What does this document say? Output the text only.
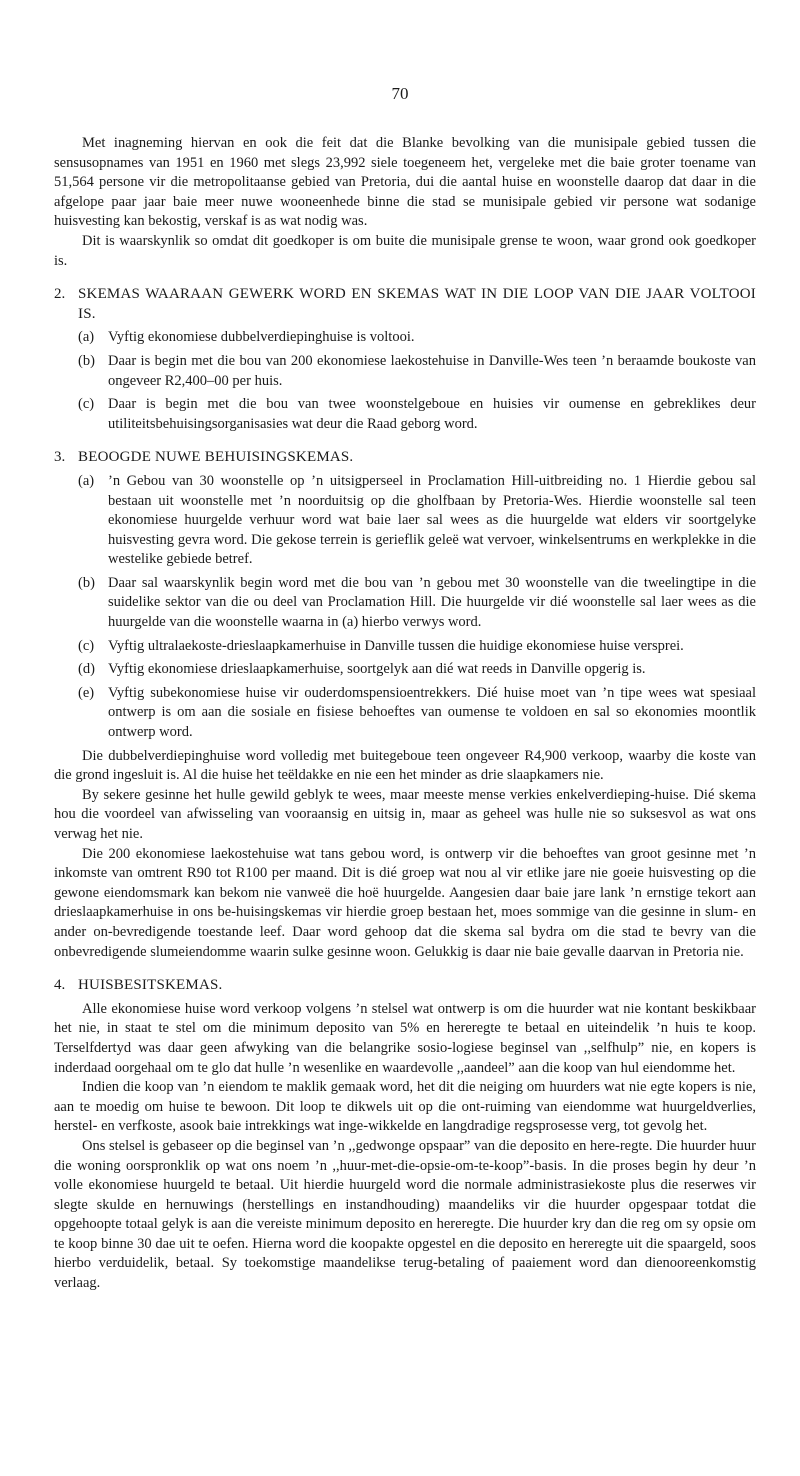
70

Met inagneming hiervan en ook die feit dat die Blanke bevolking van die munisipale gebied tussen die sensusopnames van 1951 en 1960 met slegs 23,992 siele toegeneem het, vergeleke met die baie groter toename van 51,564 persone vir die metropolitaanse gebied van Pretoria, dui die aantal huise en woonstelle daarop dat daar in die afgelope paar jaar baie meer nuwe wooneenhede binne die stad se munisipale gebied vir persone wat sodanige huisvesting kan bekostig, verskaf is as wat nodig was.

Dit is waarskynlik so omdat dit goedkoper is om buite die munisipale grense te woon, waar grond ook goedkoper is.

2. SKEMAS WAARAAN GEWERK WORD EN SKEMAS WAT IN DIE LOOP VAN DIE JAAR VOLTOOI IS.
(a) Vyftig ekonomiese dubbelverdiepinghuise is voltooi.
(b) Daar is begin met die bou van 200 ekonomiese laekostehuise in Danville-Wes teen ’n beraamde boukoste van ongeveer R2,400–00 per huis.
(c) Daar is begin met die bou van twee woonstelgeboue en huisies vir oumense en gebreklikes deur utiliteitsbehuisingsorganisasies wat deur die Raad geborg word.
3. BEOOGDE NUWE BEHUISINGSKEMAS.
(a) ’n Gebou van 30 woonstelle op ’n uitsigperseel in Proclamation Hill-uitbreiding no. 1 Hierdie gebou sal bestaan uit woonstelle met ’n noorduitsig op die gholfbaan by Pretoria-Wes. Hierdie woonstelle sal teen ekonomiese huurgelde verhuur word wat baie laer sal wees as die huurgelde wat elders vir soortgelyke huisvesting gevra word. Die gekose terrein is gerieflik geleë wat vervoer, winkelsentrums en werkplekke in die westelike gebiede betref.
(b) Daar sal waarskynlik begin word met die bou van ’n gebou met 30 woonstelle van die tweelingtipe in die suidelike sektor van die ou deel van Proclamation Hill. Die huurgelde vir dié woonstelle sal laer wees as die huurgelde van die woonstelle waarna in (a) hierbo verwys word.
(c) Vyftig ultralaekoste-drieslaapkamerhuise in Danville tussen die huidige ekonomiese huise versprei.
(d) Vyftig ekonomiese drieslaapkamerhuise, soortgelyk aan dié wat reeds in Danville opgerig is.
(e) Vyftig subekonomiese huise vir ouderdomspensioentrekkers. Dié huise moet van ’n tipe wees wat spesiaal ontwerp is om aan die sosiale en fisiese behoeftes van oumense te voldoen en sal so ekonomies moontlik ontwerp word.

Die dubbelverdiepinghuise word volledig met buitegeboue teen ongeveer R4,900 verkoop, waarby die koste van die grond ingesluit is. Al die huise het teëldakke en nie een het minder as drie slaapkamers nie.

By sekere gesinne het hulle gewild geblyk te wees, maar meeste mense verkies enkelverdieping-huise. Dié skema hou die voordeel van afwisseling van vooraansig en uitsig in, maar as geheel was hulle nie so suksesvol as wat ons verwag het nie.

Die 200 ekonomiese laekostehuise wat tans gebou word, is ontwerp vir die behoeftes van groot gesinne met ’n inkomste van omtrent R90 tot R100 per maand. Dit is dié groep wat nou al vir etlike jare nie goeie huisvesting op die gewone eiendomsmark kan bekom nie vanweë die hoë huurgelde. Aangesien daar baie jare lank ’n ernstige tekort aan drieslaapkamerhuise in ons be-huisingskemas vir hierdie groep bestaan het, moes sommige van die gesinne in slum- en ander on-bevredigende toestande leef. Daar word gehoop dat die skema sal bydra om die stad te bevry van die onbevredigende slumeiendomme waarin sulke gesinne woon. Gelukkig is daar nie baie gevalle daarvan in Pretoria nie.

4. HUISBESITSKEMAS.

Alle ekonomiese huise word verkoop volgens ’n stelsel wat ontwerp is om die huurder wat nie kontant beskikbaar het nie, in staat te stel om die minimum deposito van 5% en hereregte te betaal en uiteindelik ’n huis te koop. Terselfdertyd was daar geen afwyking van die belangrike sosio-logiese beginsel van ,,selfhulp” nie, en kopers is inderdaad oorgehaal om te glo dat hulle ’n wesenlike en waardevolle ,,aandeel” aan die koop van hul eiendomme het.

Indien die koop van ’n eiendom te maklik gemaak word, het dit die neiging om huurders wat nie egte kopers is nie, aan te moedig om huise te bewoon. Dit loop te dikwels uit op die ont-ruiming van eiendomme wat huurgeldverlies, herstel- en verfkoste, asook baie intrekkings wat inge-wikkelde en langdradige regsprosesse verg, tot gevolg het.

Ons stelsel is gebaseer op die beginsel van ’n ,,gedwonge opspaar” van die deposito en here-regte. Die huurder huur die woning oorspronklik op wat ons noem ’n ,,huur-met-die-opsie-om-te-koop”-basis. In die proses begin hy deur ’n volle ekonomiese huurgeld te betaal. Uit hierdie huurgeld word die normale administrasiekoste plus die reserwes vir slegte skulde en hernuwings (herstellings en instandhouding) maandeliks vir die huurder opgespaar totdat die opgehoopte totaal gelyk is aan die vereiste minimum deposito en hereregte. Die huurder kry dan die reg om sy opsie om te koop binne 30 dae uit te oefen. Hierna word die koopakte opgestel en die deposito en hereregte uit die spaargeld, soos hierbo verduidelik, betaal. Sy toekomstige maandelikse terug-betaling of paaiement word dan dienooreenkomstig verlaag.
